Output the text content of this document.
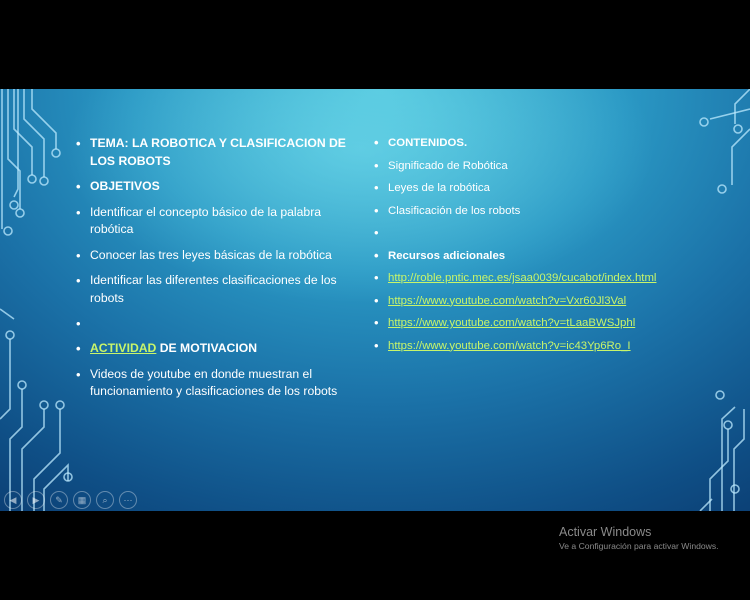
• TEMA: LA ROBOTICA Y CLASIFICACION DE LOS ROBOTS
• OBJETIVOS
• Identificar el concepto básico de la palabra robótica
• Conocer las tres leyes básicas de la robótica
• Identificar las diferentes clasificaciones de los robots
•
• ACTIVIDAD DE MOTIVACION
• Videos de youtube en donde muestran el funcionamiento y clasificaciones de los robots
• CONTENIDOS.
• Significado de Robótica
• Leyes de la robótica
• Clasificación de los robots
•
• Recursos adicionales
• http://roble.pntic.mec.es/jsaa0039/cucabot/index.html
• https://www.youtube.com/watch?v=Vxr60Jl3Val
• https://www.youtube.com/watch?v=tLaaBWSJphl
• https://www.youtube.com/watch?v=ic43Yp6Ro_I
◀	▶	✎	▦	⌕	⋯
Activar Windows
Ve a Configuración para activar Windows.
